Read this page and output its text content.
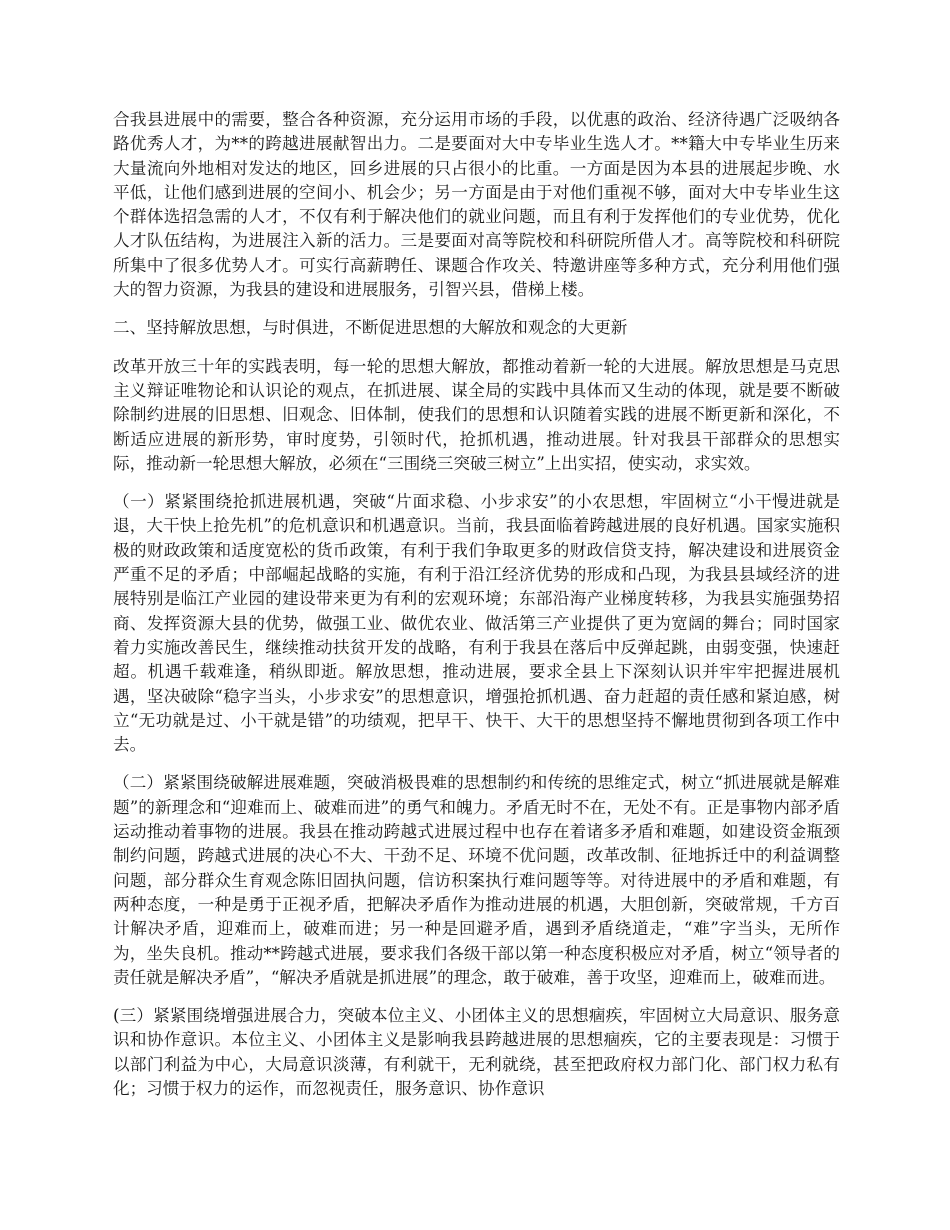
合我县进展中的需要，整合各种资源，充分运用市场的手段，以优惠的政治、经济待遇广泛吸纳各路优秀人才，为**的跨越进展献智出力。二是要面对大中专毕业生选人才。**籍大中专毕业生历来大量流向外地相对发达的地区，回乡进展的只占很小的比重。一方面是因为本县的进展起步晚、水平低，让他们感到进展的空间小、机会少；另一方面是由于对他们重视不够，面对大中专毕业生这个群体选招急需的人才，不仅有利于解决他们的就业问题，而且有利于发挥他们的专业优势，优化人才队伍结构，为进展注入新的活力。三是要面对高等院校和科研院所借人才。高等院校和科研院所集中了很多优势人才。可实行高薪聘任、课题合作攻关、特邀讲座等多种方式，充分利用他们强大的智力资源，为我县的建设和进展服务，引智兴县，借梯上楼。

二、坚持解放思想，与时俱进，不断促进思想的大解放和观念的大更新

改革开放三十年的实践表明，每一轮的思想大解放，都推动着新一轮的大进展。解放思想是马克思主义辩证唯物论和认识论的观点，在抓进展、谋全局的实践中具体而又生动的体现，就是要不断破除制约进展的旧思想、旧观念、旧体制，使我们的思想和认识随着实践的进展不断更新和深化，不断适应进展的新形势，审时度势，引领时代，抢抓机遇，推动进展。针对我县干部群众的思想实际，推动新一轮思想大解放，必须在“三围绕三突破三树立”上出实招，使实动，求实效。

（一）紧紧围绕抢抓进展机遇，突破“片面求稳、小步求安”的小农思想，牢固树立“小干慢进就是退，大干快上抢先机”的危机意识和机遇意识。当前，我县面临着跨越进展的良好机遇。国家实施积极的财政政策和适度宽松的货币政策，有利于我们争取更多的财政信贷支持，解决建设和进展资金严重不足的矛盾；中部崛起战略的实施，有利于沿江经济优势的形成和凸现，为我县县域经济的进展特别是临江产业园的建设带来更为有利的宏观环境；东部沿海产业梯度转移，为我县实施强势招商、发挥资源大县的优势，做强工业、做优农业、做活第三产业提供了更为宽阔的舞台；同时国家着力实施改善民生，继续推动扶贫开发的战略，有利于我县在落后中反弹起跳，由弱变强，快速赶超。机遇千载难逢，稍纵即逝。解放思想，推动进展，要求全县上下深刻认识并牢牢把握进展机遇，坚决破除“稳字当头，小步求安”的思想意识，增强抢抓机遇、奋力赶超的责任感和紧迫感，树立“无功就是过、小干就是错”的功绩观，把早干、快干、大干的思想坚持不懈地贯彻到各项工作中去。

（二）紧紧围绕破解进展难题，突破消极畏难的思想制约和传统的思维定式，树立“抓进展就是解难题”的新理念和“迎难而上、破难而进”的勇气和魄力。矛盾无时不在，无处不有。正是事物内部矛盾运动推动着事物的进展。我县在推动跨越式进展过程中也存在着诸多矛盾和难题，如建设资金瓶颈制约问题，跨越式进展的决心不大、干劲不足、环境不优问题，改革改制、征地拆迁中的利益调整问题，部分群众生育观念陈旧固执问题，信访积案执行难问题等等。对待进展中的矛盾和难题，有两种态度，一种是勇于正视矛盾，把解决矛盾作为推动进展的机遇，大胆创新，突破常规，千方百计解决矛盾，迎难而上，破难而进；另一种是回避矛盾，遇到矛盾绕道走，“难”字当头，无所作为，坐失良机。推动**跨越式进展，要求我们各级干部以第一种态度积极应对矛盾，树立“领导者的责任就是解决矛盾”，“解决矛盾就是抓进展”的理念，敢于破难，善于攻坚，迎难而上，破难而进。

(三）紧紧围绕增强进展合力，突破本位主义、小团体主义的思想痼疾，牢固树立大局意识、服务意识和协作意识。本位主义、小团体主义是影响我县跨越进展的思想痼疾，它的主要表现是：习惯于以部门利益为中心，大局意识淡薄，有利就干，无利就绕，甚至把政府权力部门化、部门权力私有化；习惯于权力的运作，而忽视责任，服务意识、协作意识
